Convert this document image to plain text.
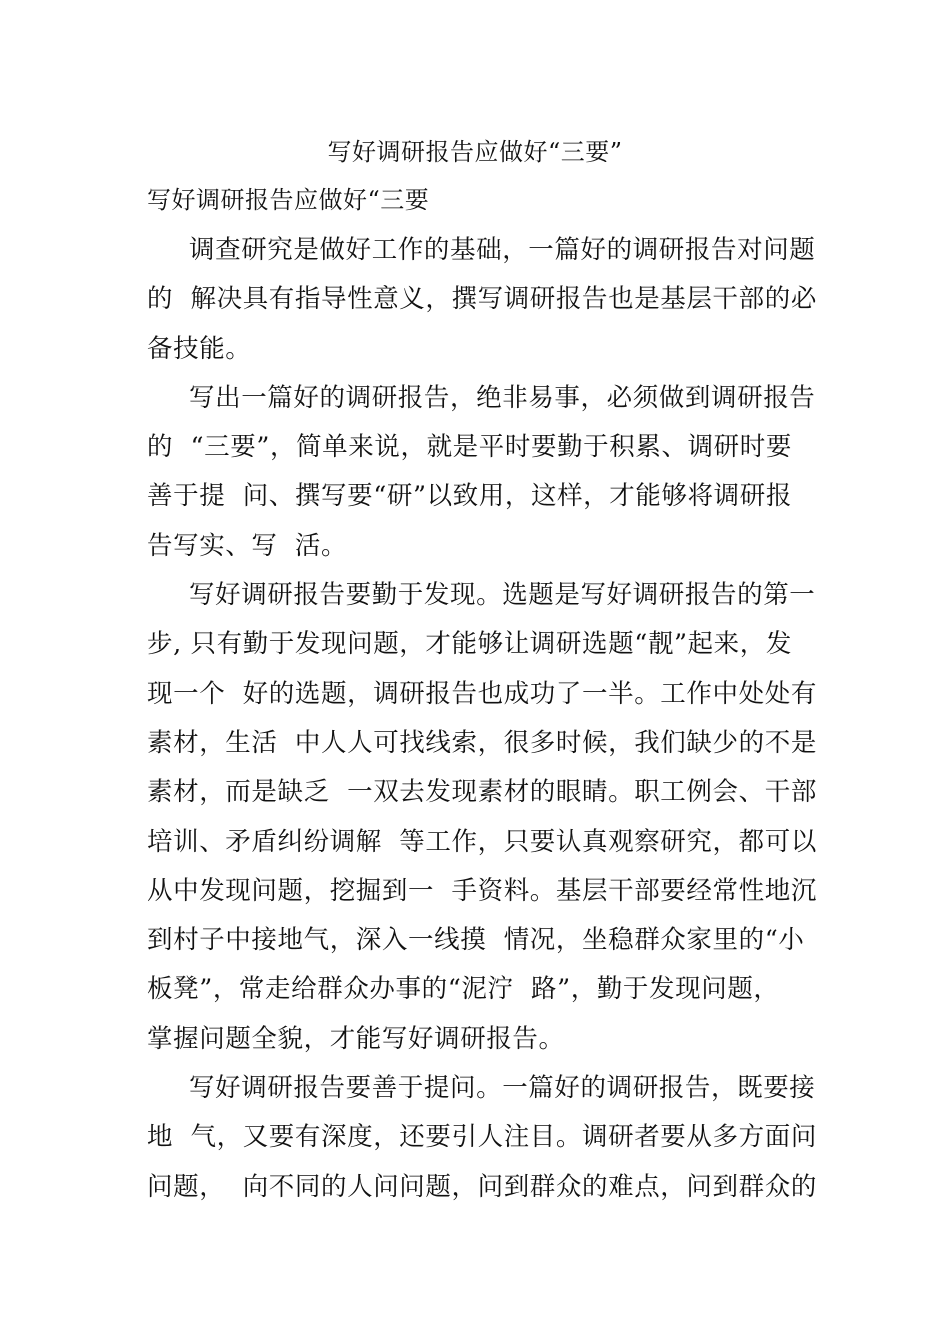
写好调研报告应做好“三要”
写好调研报告应做好“三要
调查研究是做好工作的基础，一篇好的调研报告对问题
的  解决具有指导性意义，撰写调研报告也是基层干部的必
备技能。
写出一篇好的调研报告，绝非易事，必须做到调研报告
的  “三要”，简单来说，就是平时要勤于积累、调研时要
善于提  问、撰写要“研”以致用，这样，才能够将调研报
告写实、写  活。
写好调研报告要勤于发现。选题是写好调研报告的第一
步, 只有勤于发现问题，才能够让调研选题“靓”起来，发
现一个  好的选题，调研报告也成功了一半。工作中处处有
素材，生活  中人人可找线索，很多时候，我们缺少的不是
素材，而是缺乏  一双去发现素材的眼睛。职工例会、干部
培训、矛盾纠纷调解  等工作，只要认真观察研究，都可以
从中发现问题，挖掘到一  手资料。基层干部要经常性地沉
到村子中接地气，深入一线摸  情况，坐稳群众家里的“小
板凳”，常走给群众办事的“泥泞  路”，勤于发现问题，
掌握问题全貌，才能写好调研报告。
写好调研报告要善于提问。一篇好的调研报告，既要接
地  气，又要有深度，还要引人注目。调研者要从多方面问
问题，  向不同的人问问题，问到群众的难点，问到群众的
